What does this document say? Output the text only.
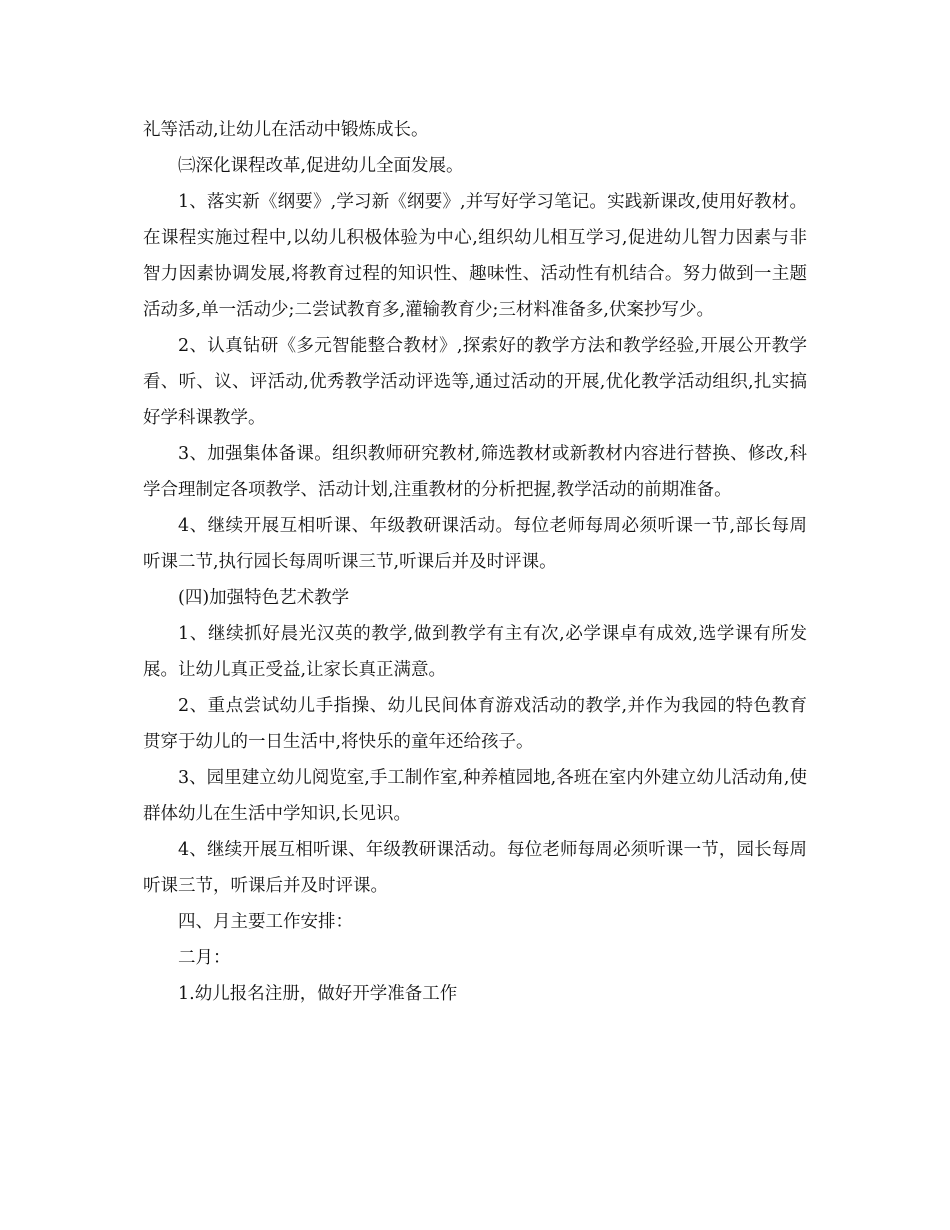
礼等活动,让幼儿在活动中锻炼成长。

㈢深化课程改革,促进幼儿全面发展。

1、落实新《纲要》,学习新《纲要》,并写好学习笔记。实践新课改,使用好教材。在课程实施过程中,以幼儿积极体验为中心,组织幼儿相互学习,促进幼儿智力因素与非智力因素协调发展,将教育过程的知识性、趣味性、活动性有机结合。努力做到一主题活动多,单一活动少;二尝试教育多,灌输教育少;三材料准备多,伏案抄写少。

2、认真钻研《多元智能整合教材》,探索好的教学方法和教学经验,开展公开教学看、听、议、评活动,优秀教学活动评选等,通过活动的开展,优化教学活动组织,扎实搞好学科课教学。

3、加强集体备课。组织教师研究教材,筛选教材或新教材内容进行替换、修改,科学合理制定各项教学、活动计划,注重教材的分析把握,教学活动的前期准备。

4、继续开展互相听课、年级教研课活动。每位老师每周必须听课一节,部长每周听课二节,执行园长每周听课三节,听课后并及时评课。

(四)加强特色艺术教学

1、继续抓好晨光汉英的教学,做到教学有主有次,必学课卓有成效,选学课有所发展。让幼儿真正受益,让家长真正满意。

2、重点尝试幼儿手指操、幼儿民间体育游戏活动的教学,并作为我园的特色教育贯穿于幼儿的一日生活中,将快乐的童年还给孩子。

3、园里建立幼儿阅览室,手工制作室,种养植园地,各班在室内外建立幼儿活动角,使群体幼儿在生活中学知识,长见识。

4、继续开展互相听课、年级教研课活动。每位老师每周必须听课一节，园长每周听课三节，听课后并及时评课。

四、月主要工作安排：

二月：

1.幼儿报名注册，做好开学准备工作
